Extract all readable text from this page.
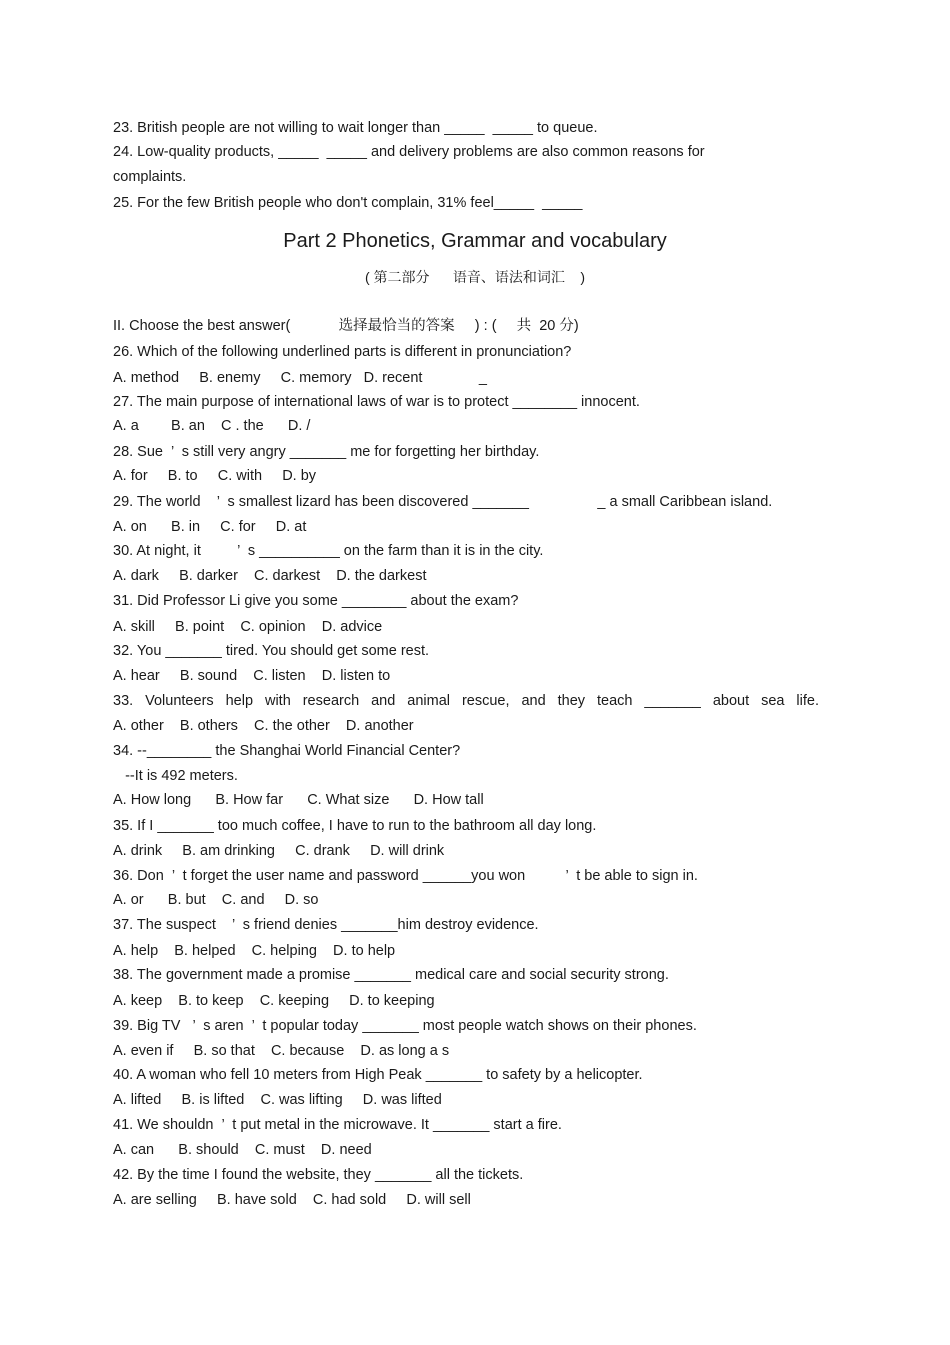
23. British people are not willing to wait longer than _____  _____ to queue.
24. Low-quality products, _____  _____ and delivery problems are also common reasons for
complaints.
25. For the few British people who don't complain, 31% feel_____  _____
Part 2 Phonetics, Grammar and vocabulary
( 第二部分      语音、语法和词汇    )
II. Choose the best answer(            选择最恰当的答案     ) : (     共  20 分)
26. Which of the following underlined parts is different in pronunciation?
A. method     B. enemy     C. memory   D. recent              _
27. The main purpose of international laws of war is to protect ________ innocent.
A. a        B. an    C . the      D. /
28. Sue  ’  s still very angry _______ me for forgetting her birthday.
A. for     B. to     C. with     D. by
29. The world    ’  s smallest lizard has been discovered _______                 _ a small Caribbean island.
A. on      B. in     C. for     D. at
30. At night, it         ’  s __________ on the farm than it is in the city.
A. dark     B. darker    C. darkest    D. the darkest
31. Did Professor Li give you some ________ about the exam?
A. skill     B. point    C. opinion    D. advice
32. You _______ tired. You should get some rest.
A. hear     B. sound    C. listen    D. listen to
33. Volunteers help with research and animal rescue, and they teach _______ about sea life.
A. other    B. others    C. the other    D. another
34. --________ the Shanghai World Financial Center?
--It is 492 meters.
A. How long      B. How far      C. What size      D. How tall
35. If I _______ too much coffee, I have to run to the bathroom all day long.
A. drink     B. am drinking     C. drank     D. will drink
36. Don  ’  t forget the user name and password ______you won          ’  t be able to sign in.
A. or      B. but    C. and     D. so
37. The suspect    ’  s friend denies _______him destroy evidence.
A. help    B. helped    C. helping    D. to help
38. The government made a promise _______ medical care and social security strong.
A. keep    B. to keep    C. keeping     D. to keeping
39. Big TV   ’  s aren  ’  t popular today _______ most people watch shows on their phones.
A. even if     B. so that    C. because    D. as long a s
40. A woman who fell 10 meters from High Peak _______ to safety by a helicopter.
A. lifted     B. is lifted    C. was lifting     D. was lifted
41. We shouldn  ’  t put metal in the microwave. It _______ start a fire.
A. can      B. should    C. must    D. need
42. By the time I found the website, they _______ all the tickets.
A. are selling     B. have sold    C. had sold     D. will sell
